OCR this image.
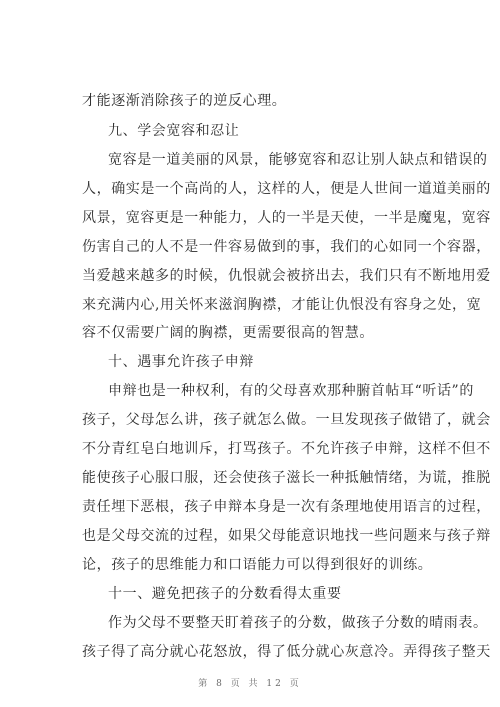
才能逐渐消除孩子的逆反心理。
九、学会宽容和忍让
宽容是一道美丽的风景，能够宽容和忍让别人缺点和错误的
人，确实是一个高尚的人，这样的人，便是人世间一道道美丽的
风景，宽容更是一种能力，人的一半是天使，一半是魔鬼，宽容
伤害自己的人不是一件容易做到的事，我们的心如同一个容器，
当爱越来越多的时候，仇恨就会被挤出去，我们只有不断地用爱
来充满内心,用关怀来滋润胸襟，才能让仇恨没有容身之处，宽
容不仅需要广阔的胸襟，更需要很高的智慧。
十、遇事允许孩子申辩
申辩也是一种权利，有的父母喜欢那种腑首帖耳“听话”的
孩子，父母怎么讲，孩子就怎么做。一旦发现孩子做错了，就会
不分青红皂白地训斥，打骂孩子。不允许孩子申辩，这样不但不
能使孩子心服口服，还会使孩子滋长一种抵触情绪，为谎，推脱
责任埋下恶根，孩子申辩本身是一次有条理地使用语言的过程，
也是父母交流的过程，如果父母能意识地找一些问题来与孩子辩
论，孩子的思维能力和口语能力可以得到很好的训练。
十一、避免把孩子的分数看得太重要
作为父母不要整天盯着孩子的分数，做孩子分数的晴雨表。
孩子得了高分就心花怒放，得了低分就心灰意冷。弄得孩子整天
第 8 页 共 12 页
